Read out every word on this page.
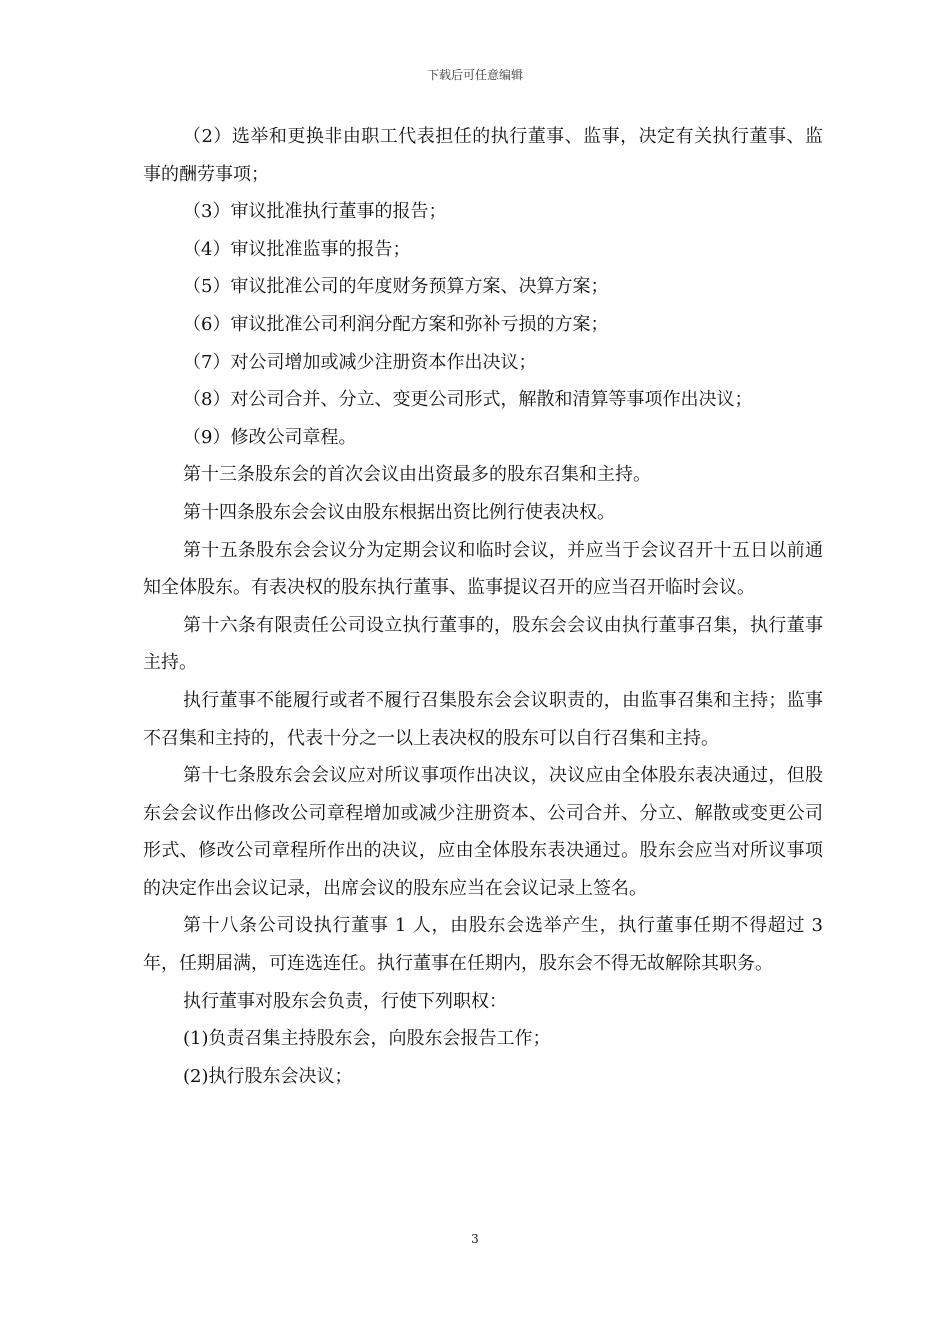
下载后可任意编辑

（2）选举和更换非由职工代表担任的执行董事、监事，决定有关执行董事、监事的酬劳事项；

（3）审议批准执行董事的报告；

（4）审议批准监事的报告；

（5）审议批准公司的年度财务预算方案、决算方案；

（6）审议批准公司利润分配方案和弥补亏损的方案；

（7）对公司增加或减少注册资本作出决议；

（8）对公司合并、分立、变更公司形式，解散和清算等事项作出决议；

（9）修改公司章程。

第十三条股东会的首次会议由出资最多的股东召集和主持。

第十四条股东会会议由股东根据出资比例行使表决权。

第十五条股东会会议分为定期会议和临时会议，并应当于会议召开十五日以前通知全体股东。有表决权的股东执行董事、监事提议召开的应当召开临时会议。

第十六条有限责任公司设立执行董事的，股东会会议由执行董事召集，执行董事主持。

执行董事不能履行或者不履行召集股东会会议职责的，由监事召集和主持；监事不召集和主持的，代表十分之一以上表决权的股东可以自行召集和主持。

第十七条股东会会议应对所议事项作出决议，决议应由全体股东表决通过，但股东会会议作出修改公司章程增加或减少注册资本、公司合并、分立、解散或变更公司形式、修改公司章程所作出的决议，应由全体股东表决通过。股东会应当对所议事项的决定作出会议记录，出席会议的股东应当在会议记录上签名。

第十八条公司设执行董事 1 人，由股东会选举产生，执行董事任期不得超过 3 年，任期届满，可连选连任。执行董事在任期内，股东会不得无故解除其职务。

执行董事对股东会负责，行使下列职权：

(1)负责召集主持股东会，向股东会报告工作；

(2)执行股东会决议；

3
